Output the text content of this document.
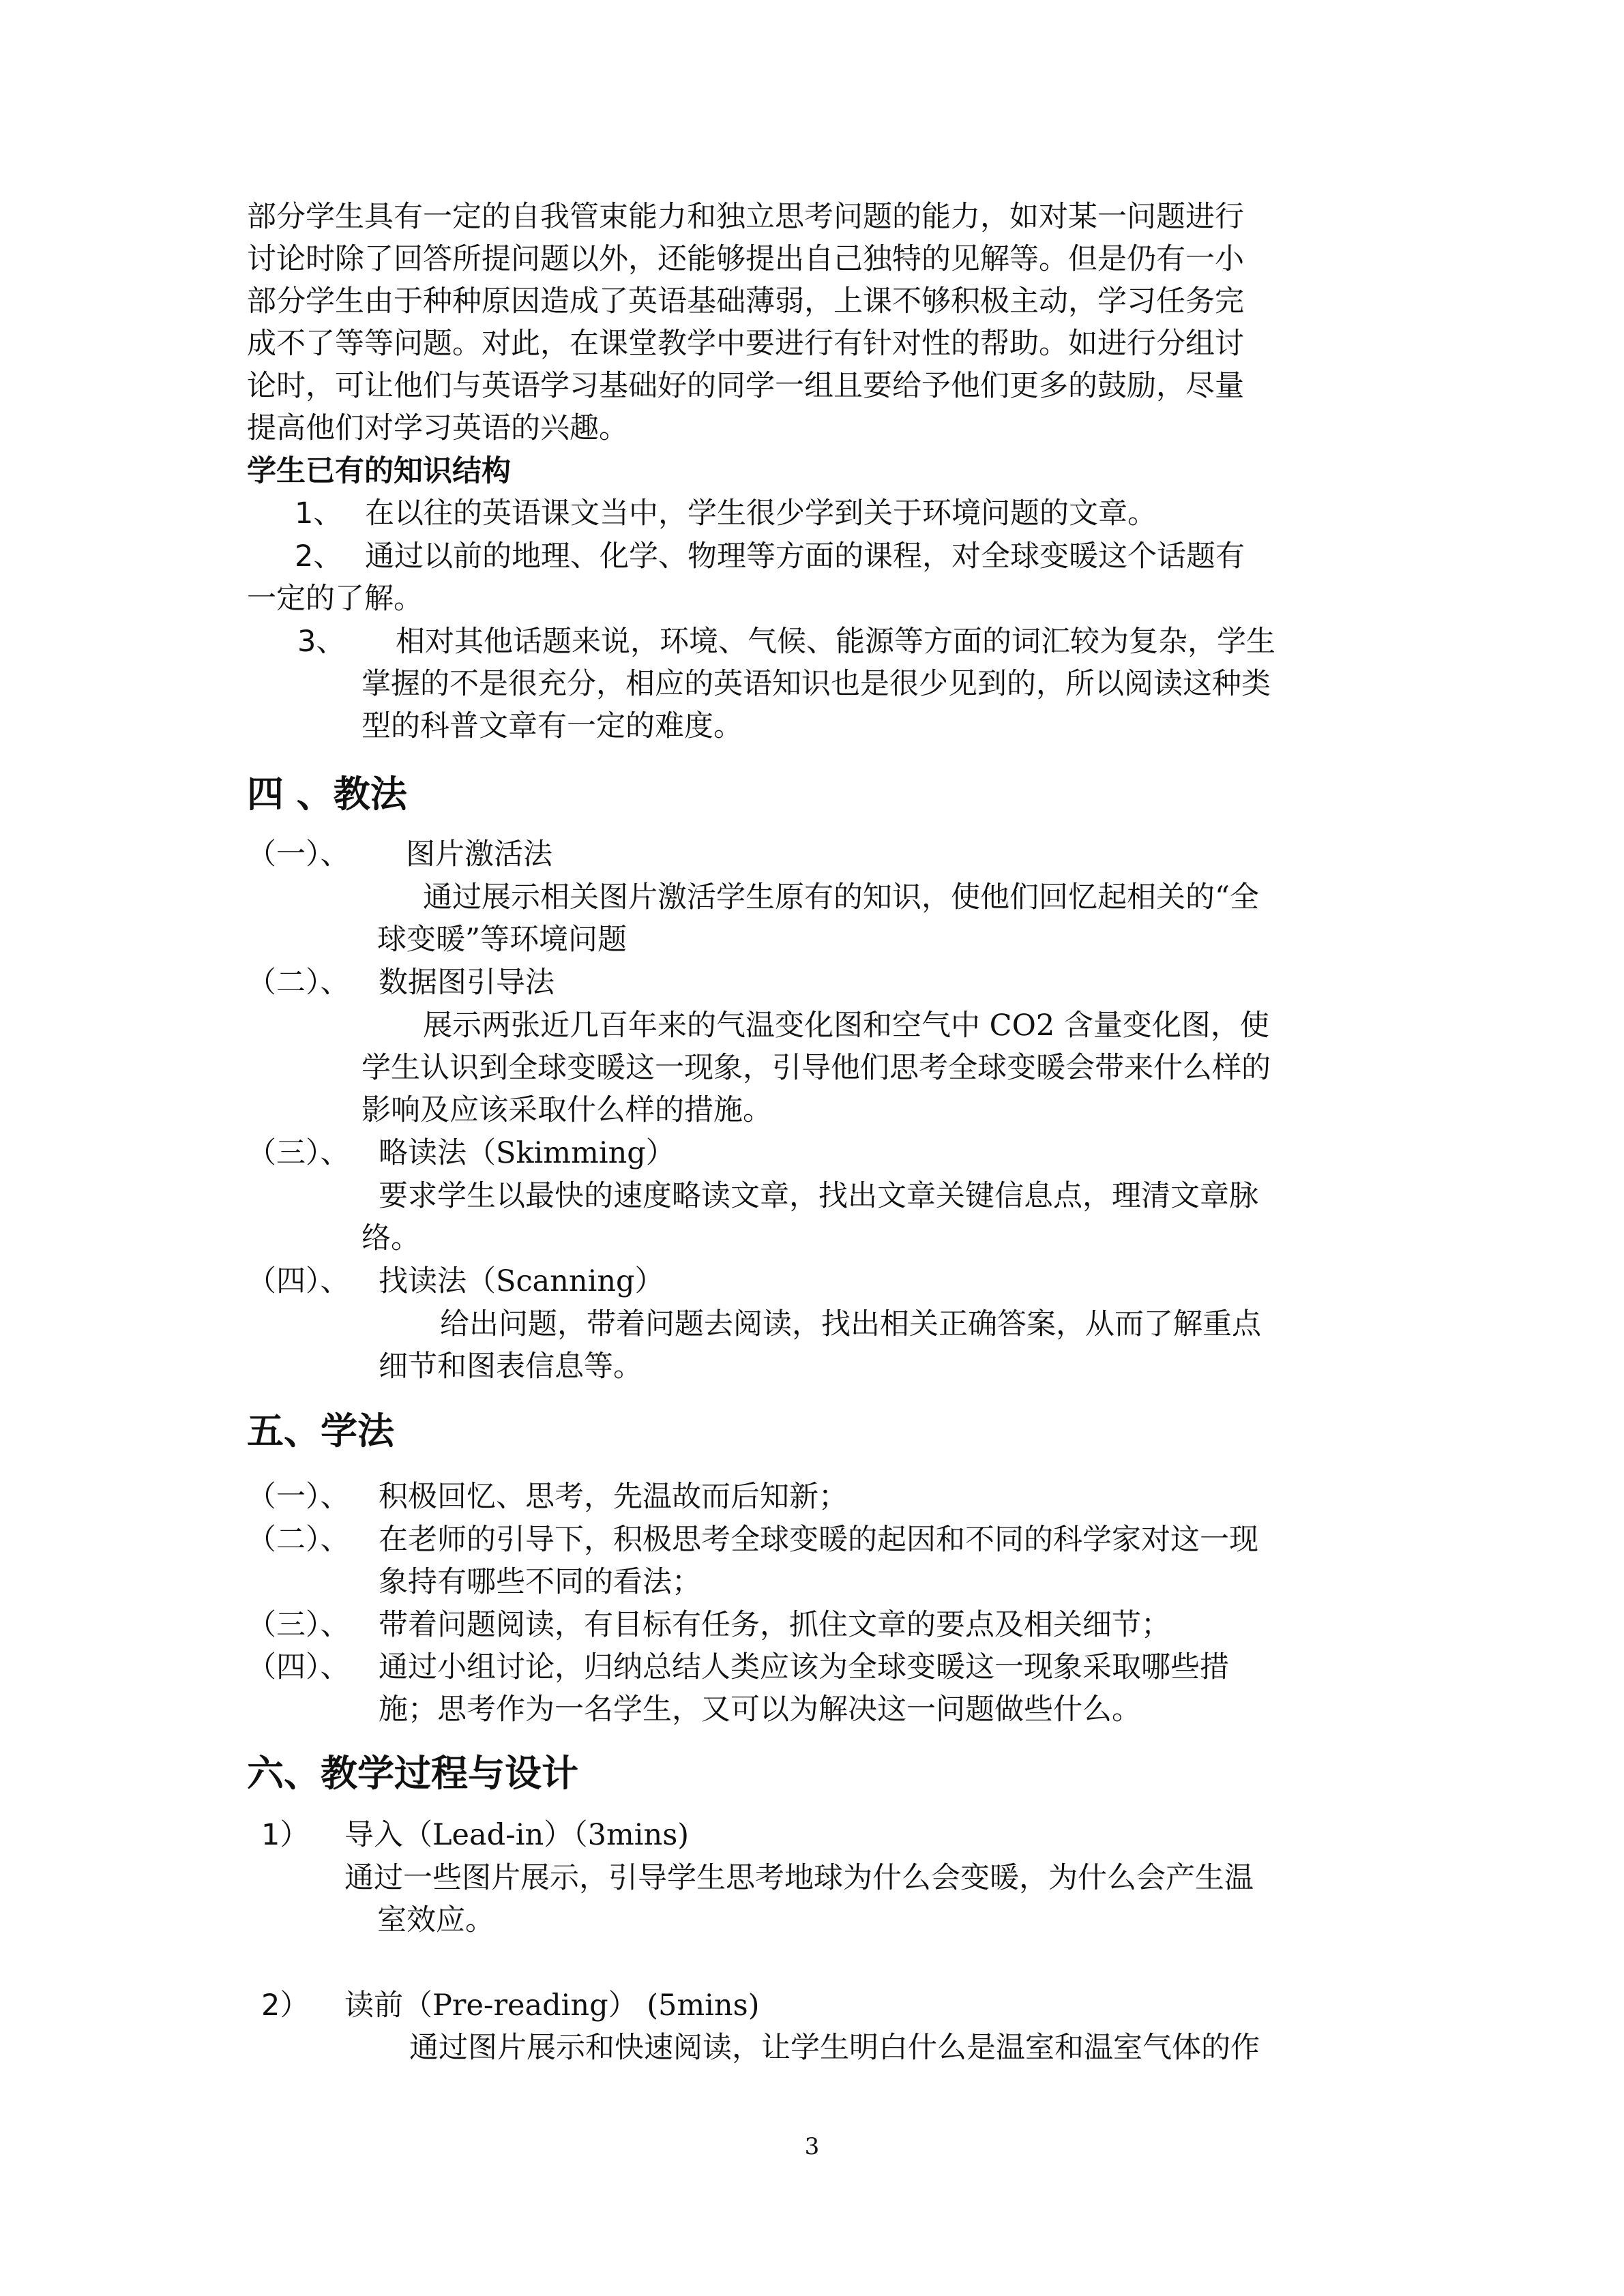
部分学生具有一定的自我管束能力和独立思考问题的能力，如对某一问题进行
讨论时除了回答所提问题以外，还能够提出自己独特的见解等。但是仍有一小
部分学生由于种种原因造成了英语基础薄弱，上课不够积极主动，学习任务完
成不了等等问题。对此，在课堂教学中要进行有针对性的帮助。如进行分组讨
论时，可让他们与英语学习基础好的同学一组且要给予他们更多的鼓励，尽量
提高他们对学习英语的兴趣。
学生已有的知识结构
1、 在以往的英语课文当中，学生很少学到关于环境问题的文章。
2、 通过以前的地理、化学、物理等方面的课程，对全球变暖这个话题有
一定的了解。
3、 相对其他话题来说，环境、气候、能源等方面的词汇较为复杂，学生
掌握的不是很充分，相应的英语知识也是很少见到的，所以阅读这种类
型的科普文章有一定的难度。
四 、教法
（一）、 图片激活法
通过展示相关图片激活学生原有的知识，使他们回忆起相关的“全
球变暖”等环境问题
（二）、 数据图引导法
展示两张近几百年来的气温变化图和空气中 CO2 含量变化图，使
学生认识到全球变暖这一现象，引导他们思考全球变暖会带来什么样的
影响及应该采取什么样的措施。
（三）、 略读法（Skimming）
要求学生以最快的速度略读文章，找出文章关键信息点，理清文章脉
络。
（四）、 找读法（Scanning）
给出问题，带着问题去阅读，找出相关正确答案，从而了解重点
细节和图表信息等。
五、学法
（一）、 积极回忆、思考，先温故而后知新；
（二）、 在老师的引导下，积极思考全球变暖的起因和不同的科学家对这一现
象持有哪些不同的看法；
（三）、 带着问题阅读，有目标有任务，抓住文章的要点及相关细节；
（四）、 通过小组讨论，归纳总结人类应该为全球变暖这一现象采取哪些措
施；思考作为一名学生，又可以为解决这一问题做些什么。
六、教学过程与设计
1） 导入（Lead-in）（3mins)
通过一些图片展示，引导学生思考地球为什么会变暖，为什么会产生温
室效应。
2） 读前（Pre-reading） (5mins)
通过图片展示和快速阅读，让学生明白什么是温室和温室气体的作
3
